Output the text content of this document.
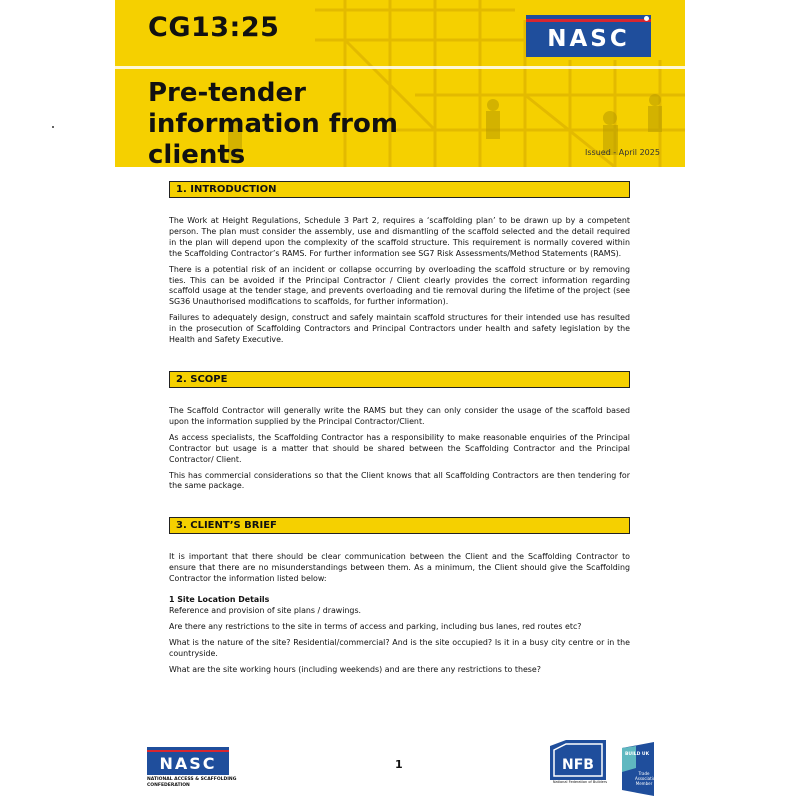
CG13:25
Pre-tender information from clients
NASC
Issued - April 2025
1. INTRODUCTION

The Work at Height Regulations, Schedule 3 Part 2, requires a ‘scaffolding plan’ to be drawn up by a competent person. The plan must consider the assembly, use and dismantling of the scaffold selected and the detail required in the plan will depend upon the complexity of the scaffold structure. This requirement is normally covered within the Scaffolding Contractor’s RAMS. For further information see SG7 Risk Assessments/Method Statements (RAMS).

There is a potential risk of an incident or collapse occurring by overloading the scaffold structure or by removing ties. This can be avoided if the Principal Contractor / Client clearly provides the correct information regarding scaffold usage at the tender stage, and prevents overloading and tie removal during the lifetime of the project (see SG36 Unauthorised modifications to scaffolds, for further information).

Failures to adequately design, construct and safely maintain scaffold structures for their intended use has resulted in the prosecution of Scaffolding Contractors and Principal Contractors under health and safety legislation by the Health and Safety Executive.

2. SCOPE

The Scaffold Contractor will generally write the RAMS but they can only consider the usage of the scaffold based upon the information supplied by the Principal Contractor/Client.

As access specialists, the Scaffolding Contractor has a responsibility to make reasonable enquiries of the Principal Contractor but usage is a matter that should be shared between the Scaffolding Contractor and the Principal Contractor/ Client.

This has commercial considerations so that the Client knows that all Scaffolding Contractors are then tendering for the same package.

3. CLIENT’S BRIEF

It is important that there should be clear communication between the Client and the Scaffolding Contractor to ensure that there are no misunderstandings between them. As a minimum, the Client should give the Scaffolding Contractor the information listed below:

1 Site Location Details

Reference and provision of site plans / drawings.

Are there any restrictions to the site in terms of access and parking, including bus lanes, red routes etc?

What is the nature of the site? Residential/commercial? And is the site occupied? Is it in a busy city centre or in the countryside.

What are the site working hours (including weekends) and are there any restrictions to these?

NASC
NATIONAL ACCESS & SCAFFOLDING CONFEDERATION
1	NFB
National Federation of Builders
BUILD UK
Trade Association Member
